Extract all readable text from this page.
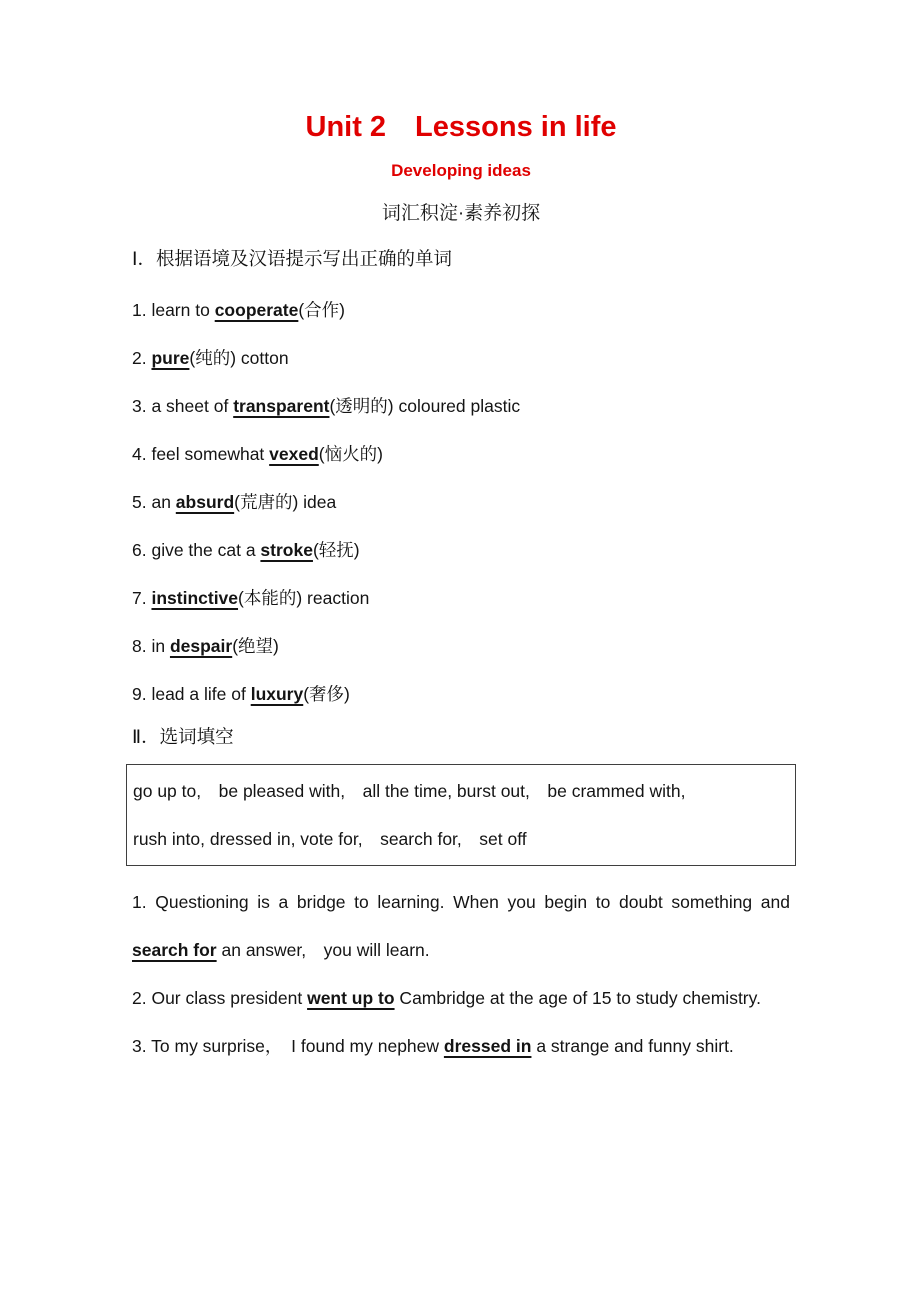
Unit 2　Lessons in life
Developing ideas
词汇积淀·素养初探
Ⅰ．根据语境及汉语提示写出正确的单词

1. learn to cooperate(合作)

2. pure(纯的) cotton

3. a sheet of transparent(透明的) coloured plastic

4. feel somewhat vexed(恼火的)

5. an absurd(荒唐的) idea

6. give the cat a stroke(轻抚)

7. instinctive(本能的) reaction

8. in despair(绝望)

9. lead a life of luxury(奢侈)

Ⅱ．选词填空

go up to,　be pleased with,　all the time, burst out,　be crammed with,

rush into, dressed in, vote for,　search for,　set off

1. Questioning is a bridge to learning. When you begin to doubt something and search for an answer,　you will learn.

2. Our class president went up to Cambridge at the age of 15 to study chemistry.

3. To my surprise，　I found my nephew dressed in a strange and funny shirt.
